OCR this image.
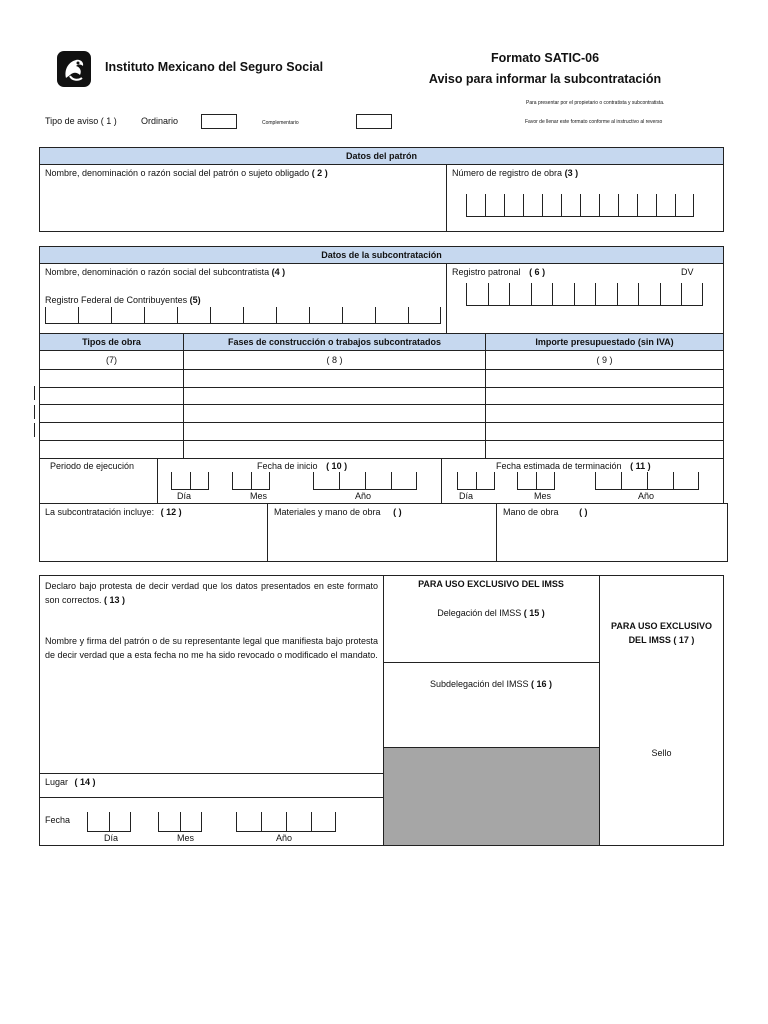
Instituto Mexicano del Seguro Social
Formato SATIC-06
Aviso para informar la subcontratación
Para presentar por el propietario o contratista y subcontratista.
Favor de llenar este formato conforme al instructivo al reverso
Tipo de aviso ( 1 )	Ordinario	Complementario
Datos del patrón
Nombre, denominación o razón social del patrón o sujeto obligado ( 2 )	Número de registro de obra (3 )
Datos de la subcontratación
Nombre, denominación o razón social del subcontratista (4 )
Registro Federal de Contribuyentes (5)
Registro patronal ( 6 )	DV
Tipos de obra	Fases de construcción o trabajos subcontratados	Importe presupuestado (sin IVA)
(7)	( 8 )	( 9 )
Periodo de ejecución	Fecha de inicio ( 10 )
Día	Mes	Año
Fecha estimada de terminación ( 11 )
Día	Mes	Año
La subcontratación incluye: ( 12 )	Materiales y mano de obra ( )	Mano de obra ( )
Declaro bajo protesta de decir verdad que los datos presentados en este formato son correctos. ( 13 )
Nombre y firma del patrón o de su representante legal que manifiesta bajo protesta de decir verdad que a esta fecha no me ha sido revocado o modificado el mandato.
Lugar ( 14 )
Fecha
Día	Mes	Año
PARA USO EXCLUSIVO DEL IMSS
Delegación del IMSS ( 15 )
Subdelegación del IMSS ( 16 )
PARA USO EXCLUSIVO
DEL IMSS ( 17 )
Sello
